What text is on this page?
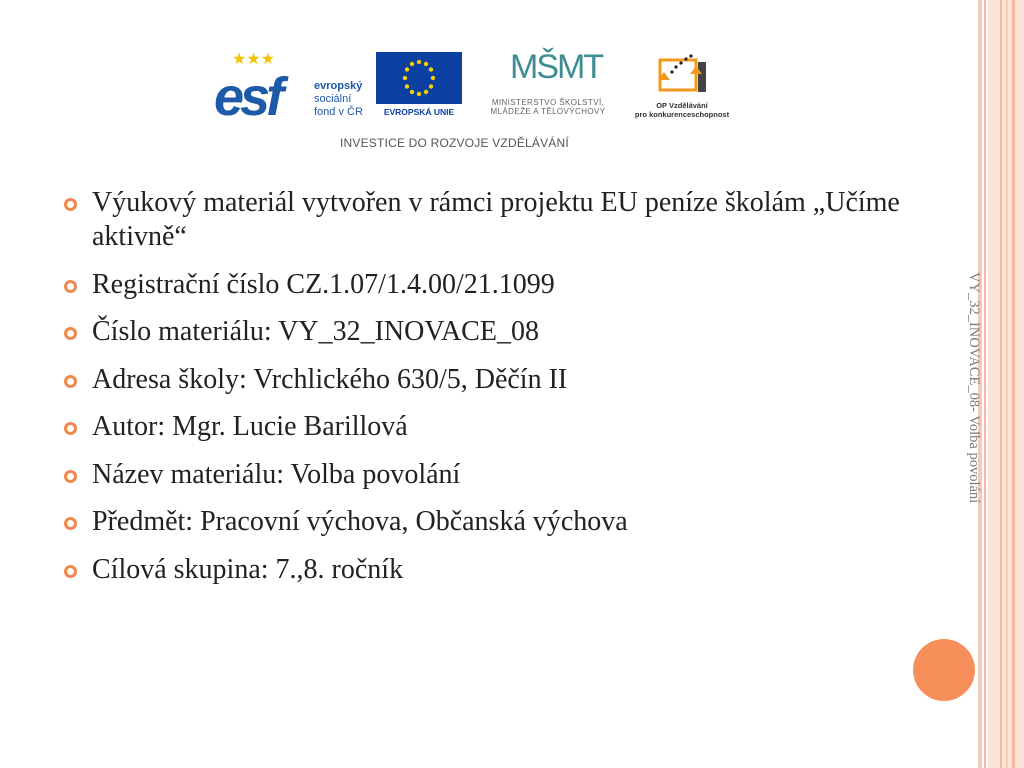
★★★
esf	evropský
sociální
fond v ČR	EVROPSKÁ UNIE
MŠMT
MINISTERSTVO ŠKOLSTVÍ,
MLÁDEŽE A TĚLOVÝCHOVY
OP Vzdělávání
pro konkurenceschopnost
INVESTICE DO ROZVOJE VZDĚLÁVÁNÍ
Výukový materiál vytvořen v rámci projektu EU peníze školám „Učíme aktivně“
Registrační číslo CZ.1.07/1.4.00/21.1099
Číslo materiálu: VY_32_INOVACE_08
Adresa školy: Vrchlického 630/5, Děčín II
Autor: Mgr. Lucie Barillová
Název materiálu: Volba povolání
Předmět: Pracovní výchova, Občanská výchova
Cílová skupina: 7.,8. ročník
VY_32_INOVACE_08- Volba povolání
